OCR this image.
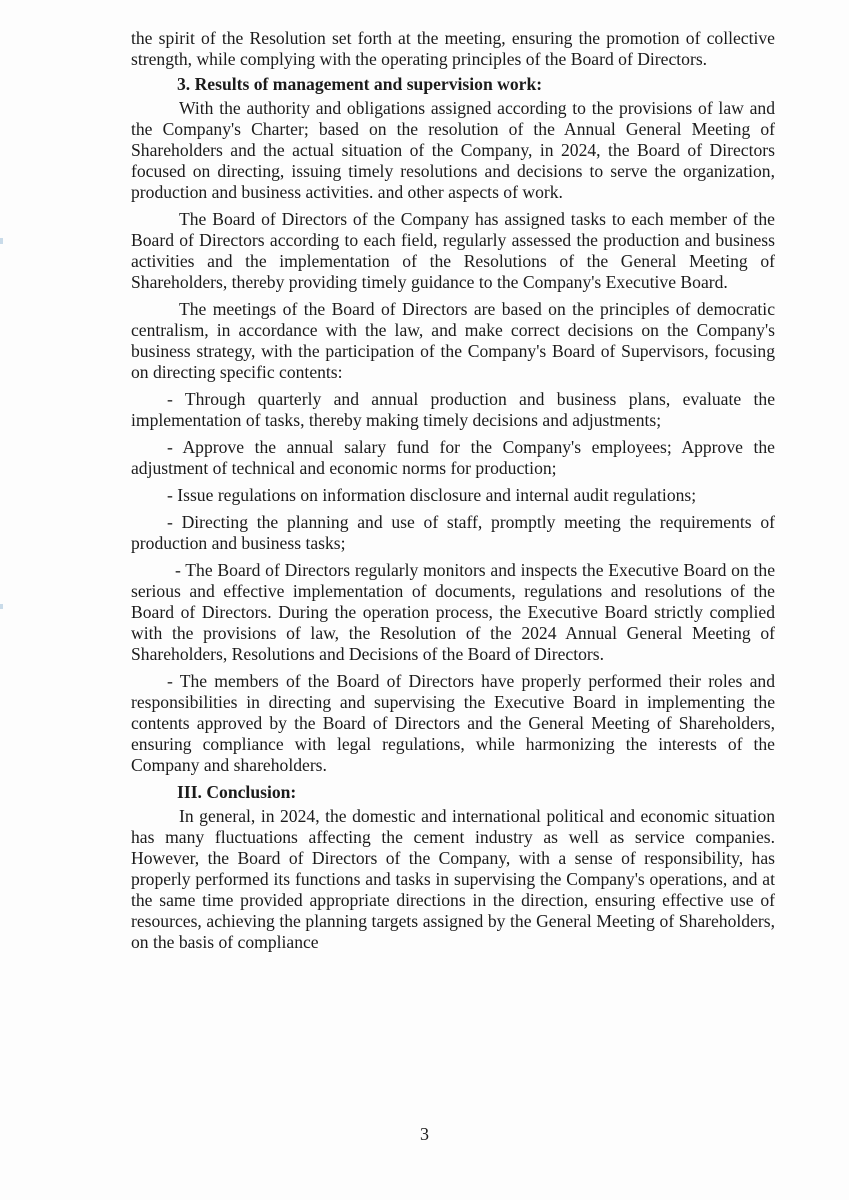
the spirit of the Resolution set forth at the meeting, ensuring the promotion of collective strength, while complying with the operating principles of the Board of Directors.

3. Results of management and supervision work:

With the authority and obligations assigned according to the provisions of law and the Company's Charter; based on the resolution of the Annual General Meeting of Shareholders and the actual situation of the Company, in 2024, the Board of Directors focused on directing, issuing timely resolutions and decisions to serve the organization, production and business activities. and other aspects of work.

The Board of Directors of the Company has assigned tasks to each member of the Board of Directors according to each field, regularly assessed the production and business activities and the implementation of the Resolutions of the General Meeting of Shareholders, thereby providing timely guidance to the Company's Executive Board.

The meetings of the Board of Directors are based on the principles of democratic centralism, in accordance with the law, and make correct decisions on the Company's business strategy, with the participation of the Company's Board of Supervisors, focusing on directing specific contents:

- Through quarterly and annual production and business plans, evaluate the implementation of tasks, thereby making timely decisions and adjustments;

- Approve the annual salary fund for the Company's employees; Approve the adjustment of technical and economic norms for production;

- Issue regulations on information disclosure and internal audit regulations;

- Directing the planning and use of staff, promptly meeting the requirements of production and business tasks;

- The Board of Directors regularly monitors and inspects the Executive Board on the serious and effective implementation of documents, regulations and resolutions of the Board of Directors. During the operation process, the Executive Board strictly complied with the provisions of law, the Resolution of the 2024 Annual General Meeting of Shareholders, Resolutions and Decisions of the Board of Directors.

- The members of the Board of Directors have properly performed their roles and responsibilities in directing and supervising the Executive Board in implementing the contents approved by the Board of Directors and the General Meeting of Shareholders, ensuring compliance with legal regulations, while harmonizing the interests of the Company and shareholders.

III. Conclusion:

In general, in 2024, the domestic and international political and economic situation has many fluctuations affecting the cement industry as well as service companies. However, the Board of Directors of the Company, with a sense of responsibility, has properly performed its functions and tasks in supervising the Company's operations, and at the same time provided appropriate directions in the direction, ensuring effective use of resources, achieving the planning targets assigned by the General Meeting of Shareholders, on the basis of compliance

3
